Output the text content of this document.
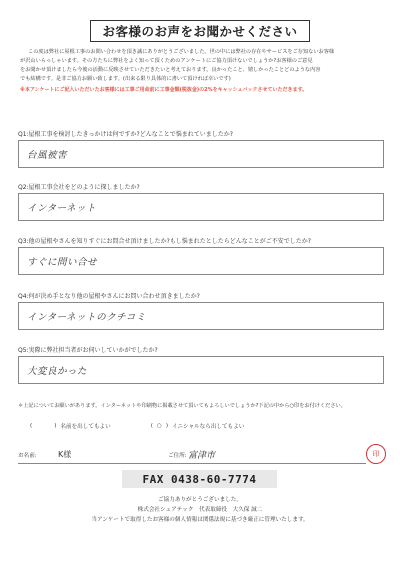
お客様のお声をお聞かせください

この度は弊社に屋根工事のお問い合わせを頂き誠にありがとうございました。世の中には弊社の存在やサービスをご存知ないお客様

が沢山いらっしゃいます。その方たちに弊社をよく知って頂くためのアンケートにご協力頂けないでしょうか?お客様のご意見

をお聞かせ頂けましたら今後の活動に反映させていただきたいと考えております。良かったこと、嬉しかったことどのような内容

でも結構です。是非ご協力お願い致します。(出来る限り具体的に書いて頂ければ幸いです)

※本アンケートにご記入いただいたお客様には工事ご用命前に工事金額(税抜金)の2%をキャッシュバックさせていただきます。

Q1:屋根工事を検討したきっかけは何ですか?どんなことで悩まれていましたか?
台風被害
Q2:屋根工事会社をどのように探しましたか?
インターネット
Q3:他の屋根やさんを知りすぐにお問合せ頂けましたか?もし悩まれたとしたらどんなことがご不安でしたか?
すぐに問い合せ
Q4:何が決め手となり他の屋根やさんにお問い合わせ頂きましたか?
インターネットのクチコミ
Q5:実際に弊社担当者がお伺いしていかがでしたか?
大変良かった
＊上記についてお願いがあります。インターネットや印刷物に掲載させて頂いてもよろしいでしょうか?下記の中から○印をお付けください。
(	) 名前を出してもよい	( ○ ) イニシャルなら出してもよい
お名前:	K様	ご住所: 富津市	印
FAX 0438-60-7774
ご協力ありがとうございました。
株式会社シェアテック　代表取締役　大久保 誠二
当アンケートで取得したお客様の個人情報は関係法規に基づき厳正に管理いたします。
